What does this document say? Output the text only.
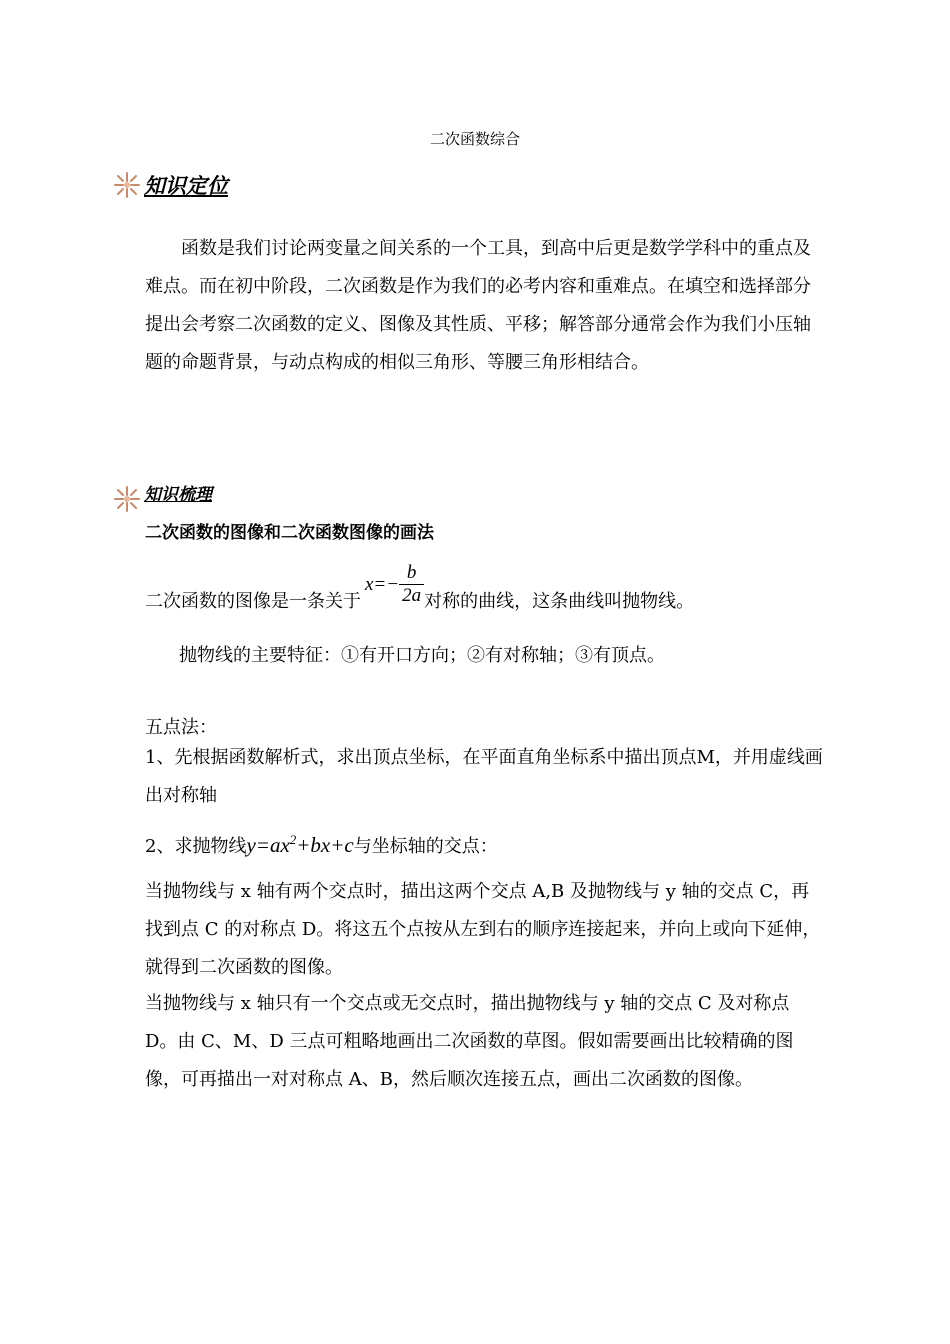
二次函数综合
知识定位
函数是我们讨论两变量之间关系的一个工具，到高中后更是数学学科中的重点及难点。而在初中阶段，二次函数是作为我们的必考内容和重难点。在填空和选择部分提出会考察二次函数的定义、图像及其性质、平移；解答部分通常会作为我们小压轴题的命题背景，与动点构成的相似三角形、等腰三角形相结合。
知识梳理
二次函数的图像和二次函数图像的画法
二次函数的图像是一条关于
$x=- \frac{b}{2a}$ 对称的曲线，这条曲线叫抛物线。
抛物线的主要特征：①有开口方向；②有对称轴；③有顶点。
五点法：
1、先根据函数解析式，求出顶点坐标，在平面直角坐标系中描出顶点M，并用虚线画出对称轴
2、求抛物线 $y=ax^2+bx+c$ 与坐标轴的交点：
当抛物线与 x 轴有两个交点时，描出这两个交点 A,B 及抛物线与 y 轴的交点 C，再找到点 C 的对称点 D。将这五个点按从左到右的顺序连接起来，并向上或向下延伸，就得到二次函数的图像。
当抛物线与 x 轴只有一个交点或无交点时，描出抛物线与 y 轴的交点 C 及对称点 D。由 C、M、D 三点可粗略地画出二次函数的草图。假如需要画出比较精确的图像，可再描出一对对称点 A、B，然后顺次连接五点，画出二次函数的图像。
